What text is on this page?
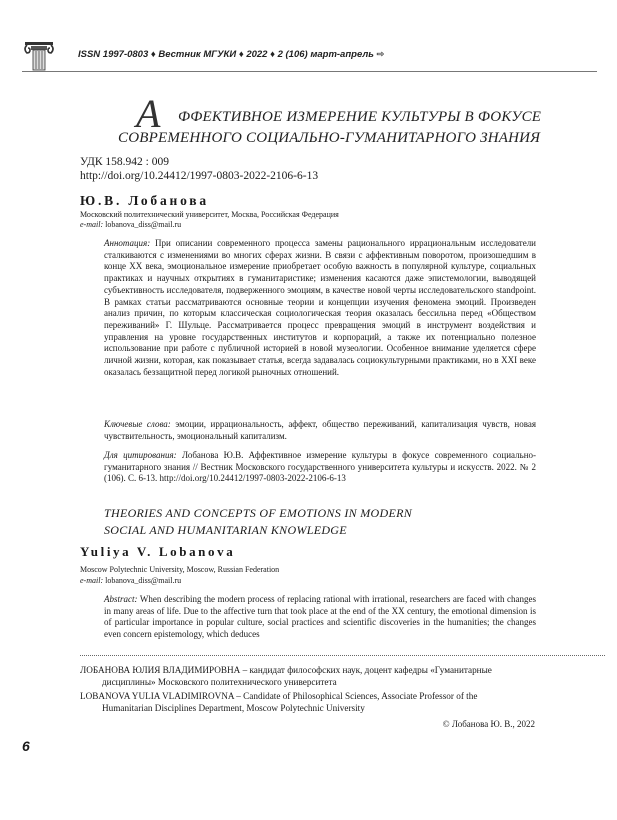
ISSN 1997-0803 ♦ Вестник МГУКИ ♦ 2022 ♦ 2 (106) март-апрель ⇨
А ФФЕКТИВНОЕ ИЗМЕРЕНИЕ КУЛЬТУРЫ В ФОКУСЕ
СОВРЕМЕННОГО СОЦИАЛЬНО-ГУМАНИТАРНОГО ЗНАНИЯ
УДК 158.942 : 009
http://doi.org/10.24412/1997-0803-2022-2106-6-13
Ю.В. Лобанова
Московский политехнический университет, Москва, Российская Федерация
e-mail: lobanova_diss@mail.ru
Аннотация: При описании современного процесса замены рационального иррациональным исследователи сталкиваются с изменениями во многих сферах жизни. В связи с аффективным поворотом, произошедшим в конце XX века, эмоциональное измерение приобретает особую важность в популярной культуре, социальных практиках и научных открытиях в гуманитаристике; изменения касаются даже эпистемологии, выводящей субъективность исследователя, подверженного эмоциям, в качестве новой черты исследовательского standpoint. В рамках статьи рассматриваются основные теории и концепции изучения феномена эмоций. Произведен анализ причин, по которым классическая социологическая теория оказалась бессильна перед «Обществом переживаний» Г. Шульце. Рассматривается процесс превращения эмоций в инструмент воздействия и управления на уровне государственных институтов и корпораций, а также их потенциально полезное использование при работе с публичной историей в новой музеологии. Особенное внимание уделяется сфере личной жизни, которая, как показывает статья, всегда задавалась социокультурными практиками, но в XXI веке оказалась беззащитной перед логикой рыночных отношений.
Ключевые слова: эмоции, иррациональность, аффект, общество переживаний, капитализация чувств, новая чувствительность, эмоциональный капитализм.
Для цитирования: Лобанова Ю.В. Аффективное измерение культуры в фокусе современного социально-гуманитарного знания // Вестник Московского государственного университета культуры и искусств. 2022. № 2 (106). С. 6-13. http://doi.org/10.24412/1997-0803-2022-2106-6-13
THEORIES AND CONCEPTS OF EMOTIONS IN MODERN
SOCIAL AND HUMANITARIAN KNOWLEDGE
Yuliya V. Lobanova
Moscow Polytechnic University, Moscow, Russian Federation
e-mail: lobanova_diss@mail.ru
Abstract: When describing the modern process of replacing rational with irrational, researchers are faced with changes in many areas of life. Due to the affective turn that took place at the end of the XX century, the emotional dimension is of particular importance in popular culture, social practices and scientific discoveries in the humanities; the changes even concern epistemology, which deduces
ЛОБАНОВА ЮЛИЯ ВЛАДИМИРОВНА – кандидат философских наук, доцент кафедры «Гуманитарные
дисциплины» Московского политехнического университета
LOBANOVA YULIA VLADIMIROVNA – Candidate of Philosophical Sciences, Associate Professor of the
Humanitarian Disciplines Department, Moscow Polytechnic University
© Лобанова Ю. В., 2022
6
